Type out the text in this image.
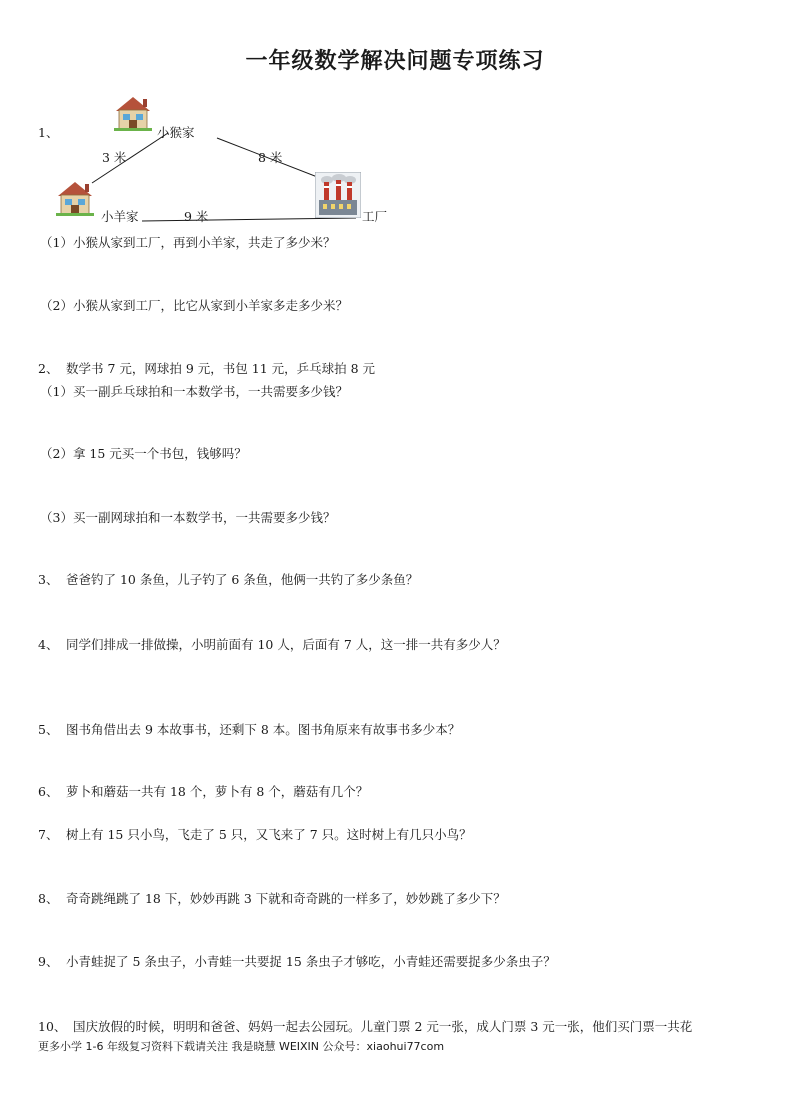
一年级数学解决问题专项练习
1、	小猴家
3 米	8 米
小羊家	9 米	工厂
（1）小猴从家到工厂，再到小羊家，共走了多少米？
（2）小猴从家到工厂，比它从家到小羊家多走多少米？
2、 数学书 7 元，网球拍 9 元，书包 11 元，乒乓球拍 8 元
（1）买一副乒乓球拍和一本数学书，一共需要多少钱？
（2）拿 15 元买一个书包，钱够吗？
（3）买一副网球拍和一本数学书，一共需要多少钱？
3、 爸爸钓了 10 条鱼，儿子钓了 6 条鱼，他俩一共钓了多少条鱼？
4、 同学们排成一排做操，小明前面有 10 人，后面有 7 人，这一排一共有多少人？
5、 图书角借出去 9 本故事书，还剩下 8 本。图书角原来有故事书多少本？
6、 萝卜和蘑菇一共有 18 个，萝卜有 8 个，蘑菇有几个？
7、 树上有 15 只小鸟，飞走了 5 只，又飞来了 7 只。这时树上有几只小鸟？
8、 奇奇跳绳跳了 18 下，妙妙再跳 3 下就和奇奇跳的一样多了，妙妙跳了多少下？
9、 小青蛙捉了 5 条虫子，小青蛙一共要捉 15 条虫子才够吃，小青蛙还需要捉多少条虫子？
10、 国庆放假的时候，明明和爸爸、妈妈一起去公园玩。儿童门票 2 元一张，成人门票 3 元一张，他们买门票一共花
更多小学 1-6 年级复习资料下载请关注 我是晓慧 WEIXIN 公众号：xiaohui77com
